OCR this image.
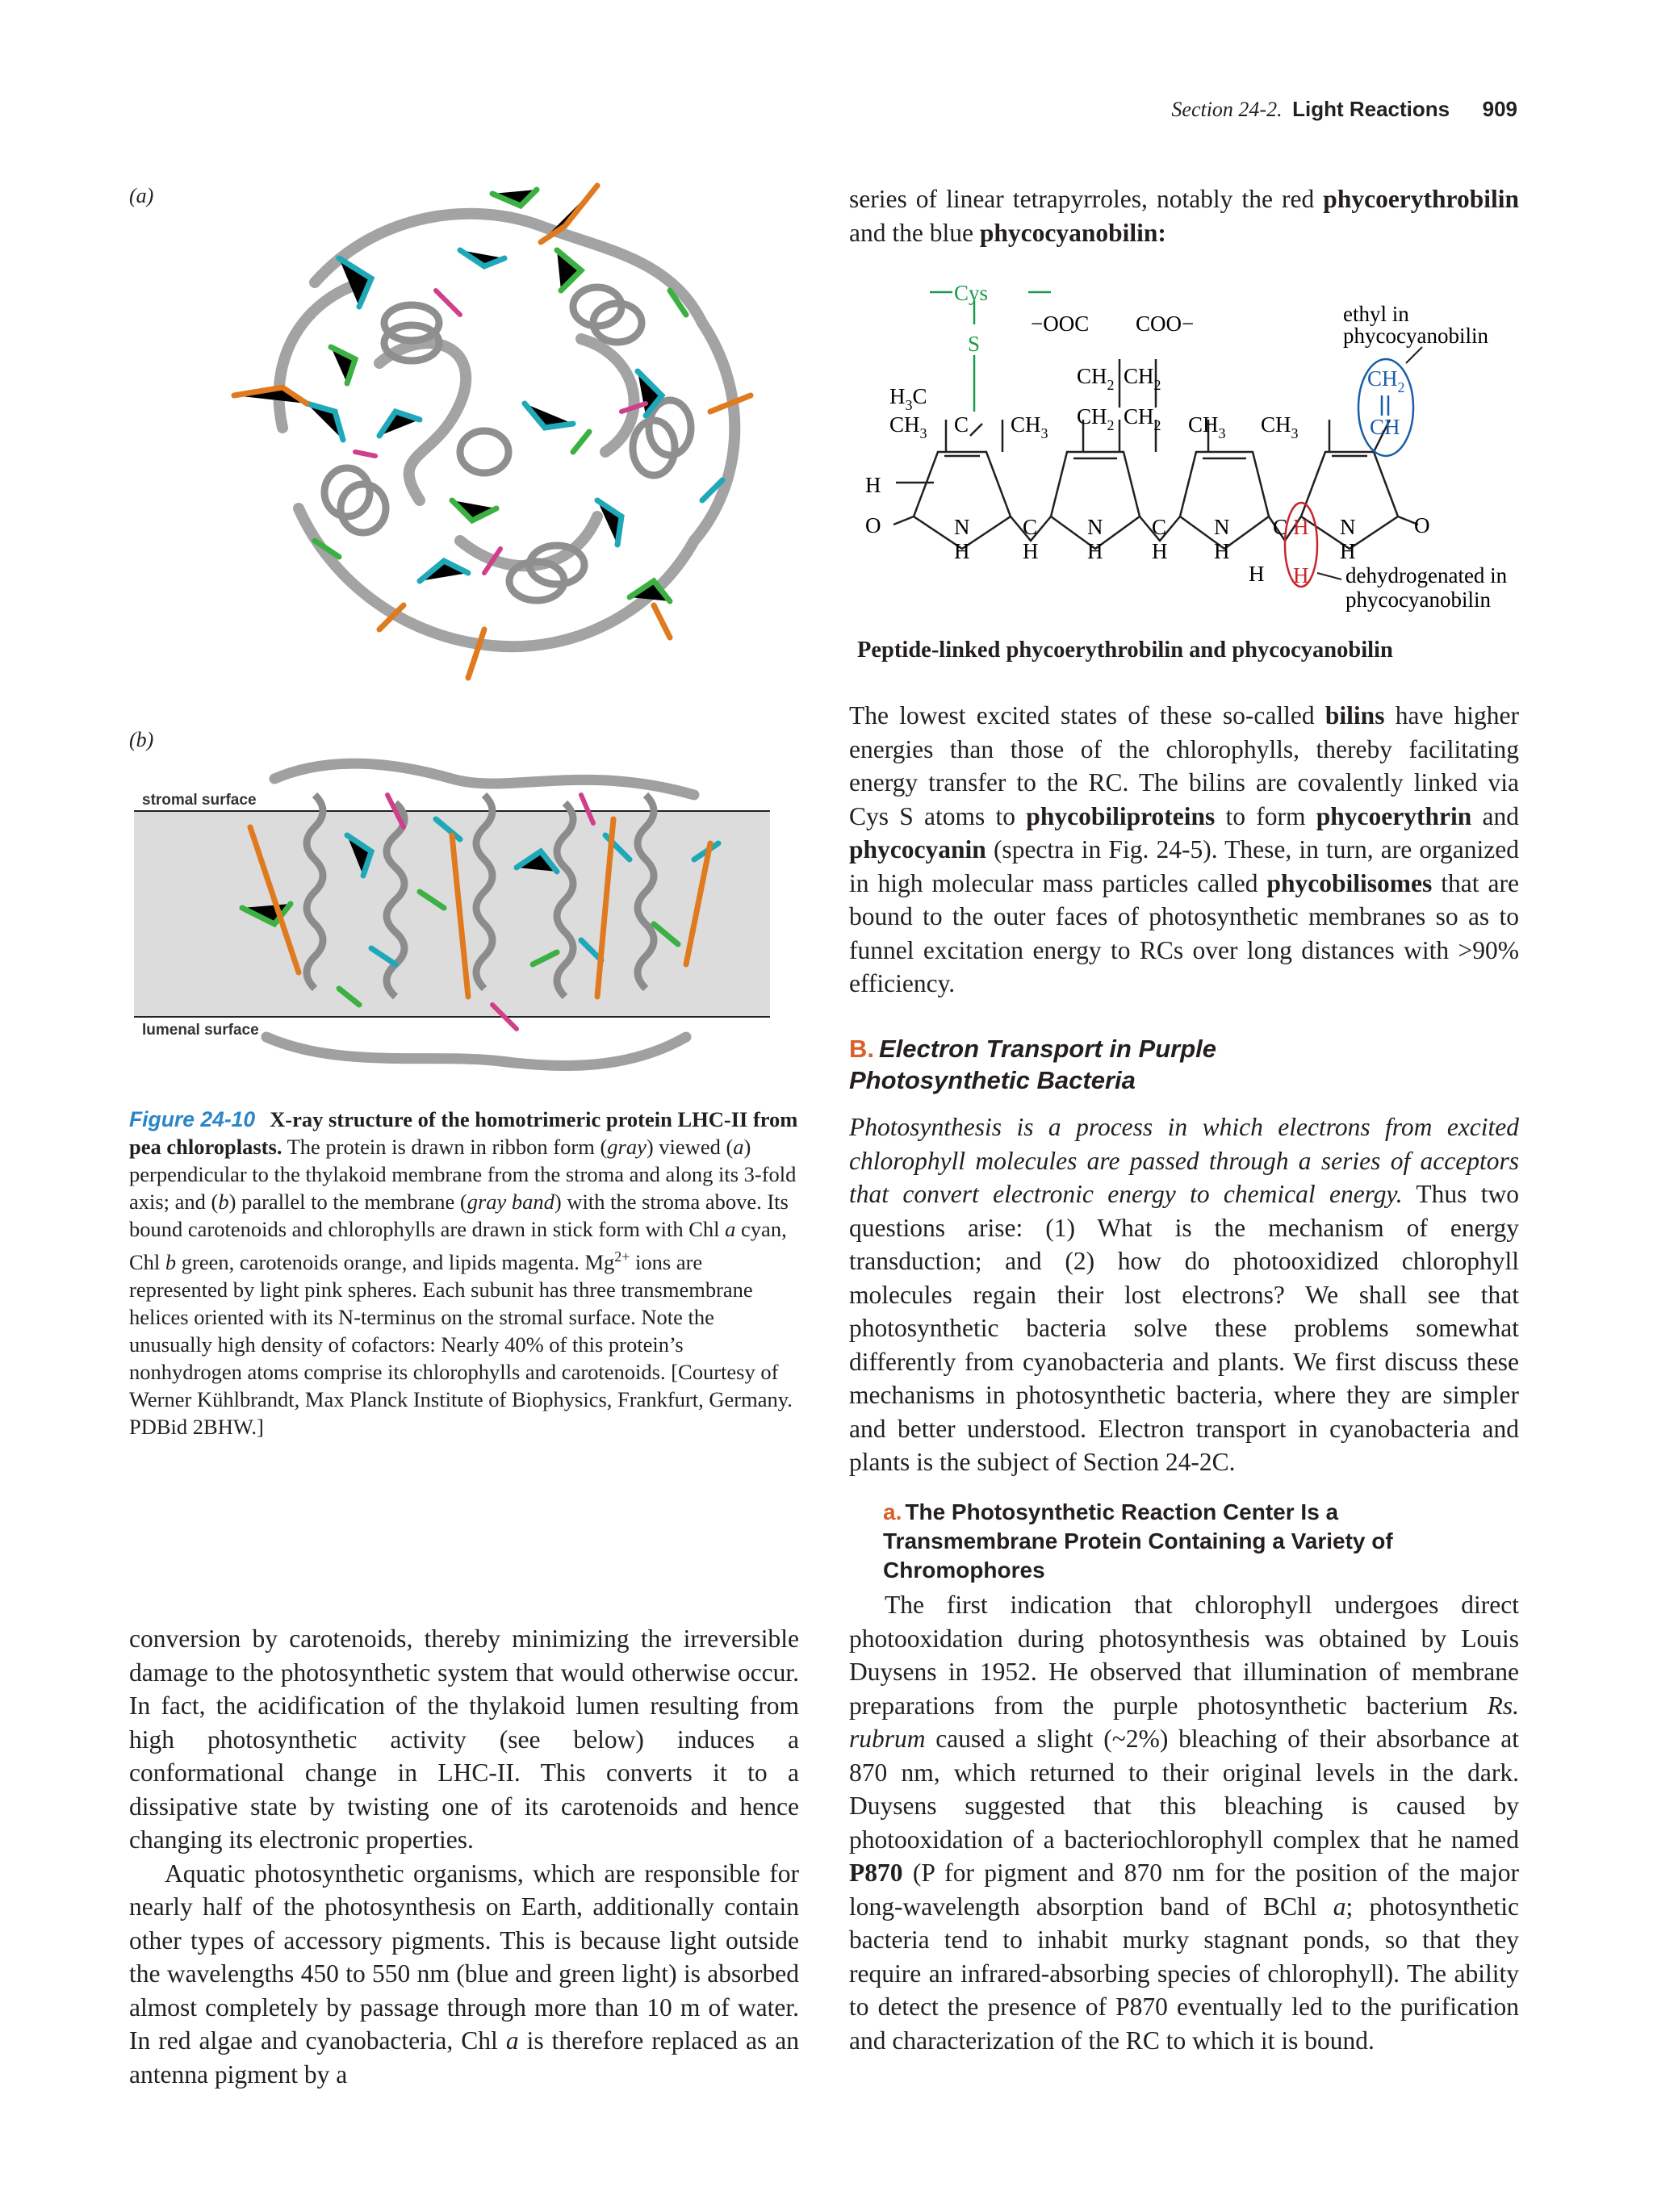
Section 24-2. Light Reactions 909
(a)
(b)
stromal surface
lumenal surface
Figure 24-10 X-ray structure of the homotrimeric protein LHC-II from pea chloroplasts. The protein is drawn in ribbon form (gray) viewed (a) perpendicular to the thylakoid membrane from the stroma and along its 3-fold axis; and (b) parallel to the membrane (gray band) with the stroma above. Its bound carotenoids and chlorophylls are drawn in stick form with Chl a cyan, Chl b green, carotenoids orange, and lipids magenta. $Mg^{2+}$ ions are represented by light pink spheres. Each subunit has three transmembrane helices oriented with its N-terminus on the stromal surface. Note the unusually high density of cofactors: Nearly 40% of this protein’s nonhydrogen atoms comprise its chlorophylls and carotenoids. [Courtesy of Werner Kühlbrandt, Max Planck Institute of Biophysics, Frankfurt, Germany. PDBid 2BHW.]

conversion by carotenoids, thereby minimizing the irreversible damage to the photosynthetic system that would otherwise occur. In fact, the acidification of the thylakoid lumen resulting from high photosynthetic activity (see below) induces a conformational change in LHC-II. This converts it to a dissipative state by twisting one of its carotenoids and hence changing its electronic properties.

Aquatic photosynthetic organisms, which are responsible for nearly half of the photosynthesis on Earth, additionally contain other types of accessory pigments. This is because light outside the wavelengths 450 to 550 nm (blue and green light) is absorbed almost completely by passage through more than 10 m of water. In red algae and cyanobacteria, Chl a is therefore replaced as an antenna pigment by a

series of linear tetrapyrroles, notably the red phycoerythrobilin and the blue phycocyanobilin:

Cys
S
−OOC COO−
$CH_2$ $CH_2$
$CH_2$ $CH_2$
$H_3C$
$CH_3$ C $CH_3$	$CH_3$ $CH_3$
H
O	O
N	N	N	N
C	C	C
H H H H H	H
H
H
H dehydrogenated in
phycocyanobilin
$CH_2$
CH
ethyl in
phycocyanobilin
Peptide-linked phycoerythrobilin and phycocyanobilin

The lowest excited states of these so-called bilins have higher energies than those of the chlorophylls, thereby facilitating energy transfer to the RC. The bilins are covalently linked via Cys S atoms to phycobiliproteins to form phycoerythrin and phycocyanin (spectra in Fig. 24-5). These, in turn, are organized in high molecular mass particles called phycobilisomes that are bound to the outer faces of photosynthetic membranes so as to funnel excitation energy to RCs over long distances with >90% efficiency.

B. Electron Transport in Purple Photosynthetic Bacteria

Photosynthesis is a process in which electrons from excited chlorophyll molecules are passed through a series of acceptors that convert electronic energy to chemical energy. Thus two questions arise: (1) What is the mechanism of energy transduction; and (2) how do photooxidized chlorophyll molecules regain their lost electrons? We shall see that photosynthetic bacteria solve these problems somewhat differently from cyanobacteria and plants. We first discuss these mechanisms in photosynthetic bacteria, where they are simpler and better understood. Electron transport in cyanobacteria and plants is the subject of Section 24-2C.

a. The Photosynthetic Reaction Center Is a Transmembrane Protein Containing a Variety of Chromophores

The first indication that chlorophyll undergoes direct photooxidation during photosynthesis was obtained by Louis Duysens in 1952. He observed that illumination of membrane preparations from the purple photosynthetic bacterium Rs. rubrum caused a slight (~2%) bleaching of their absorbance at 870 nm, which returned to their original levels in the dark. Duysens suggested that this bleaching is caused by photooxidation of a bacteriochlorophyll complex that he named P870 (P for pigment and 870 nm for the position of the major long-wavelength absorption band of BChl a; photosynthetic bacteria tend to inhabit murky stagnant ponds, so that they require an infrared-absorbing species of chlorophyll). The ability to detect the presence of P870 eventually led to the purification and characterization of the RC to which it is bound.
